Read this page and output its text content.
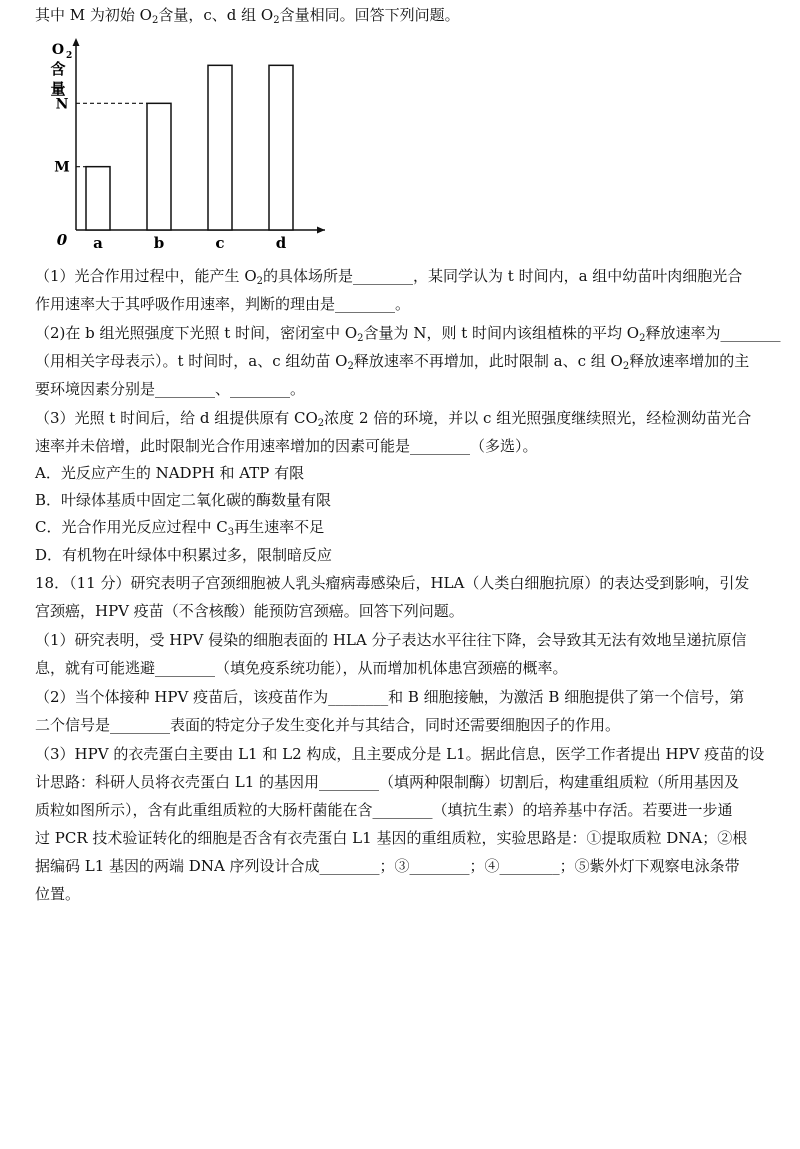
其中 M 为初始 $O_2$含量，c、d 组 $O_2$含量相同。回答下列问题。
O 2
含
量
0 a	b	c	d
M
N
（1）光合作用过程中，能产生 $O_2$的具体场所是________，某同学认为 t 时间内，a 组中幼苗叶肉细胞光合
作用速率大于其呼吸作用速率，判断的理由是________。
（2)在 b 组光照强度下光照 t 时间，密闭室中 $O_2$含量为 N，则 t 时间内该组植株的平均 $O_2$释放速率为________
（用相关字母表示）。t 时间时，a、c 组幼苗 $O_2$释放速率不再增加，此时限制 a、c 组 $O_2$释放速率增加的主
要环境因素分别是________、________。
（3）光照 t 时间后，给 d 组提供原有 $CO_2$浓度 2 倍的环境，并以 c 组光照强度继续照光，经检测幼苗光合
速率并未倍增，此时限制光合作用速率增加的因素可能是________（多选）。
A．光反应产生的 NADPH 和 ATP 有限
B．叶绿体基质中固定二氧化碳的酶数量有限
C．光合作用光反应过程中 $C_3$再生速率不足
D．有机物在叶绿体中积累过多，限制暗反应
18．（11 分）研究表明子宫颈细胞被人乳头瘤病毒感染后，HLA（人类白细胞抗原）的表达受到影响，引发
宫颈癌，HPV 疫苗（不含核酸）能预防宫颈癌。回答下列问题。
（1）研究表明，受 HPV 侵染的细胞表面的 HLA 分子表达水平往往下降，会导致其无法有效地呈递抗原信
息，就有可能逃避________（填免疫系统功能），从而增加机体患宫颈癌的概率。
（2）当个体接种 HPV 疫苗后，该疫苗作为________和 B 细胞接触，为激活 B 细胞提供了第一个信号，第
二个信号是________表面的特定分子发生变化并与其结合，同时还需要细胞因子的作用。
（3）HPV 的衣壳蛋白主要由 L1 和 L2 构成，且主要成分是 L1。据此信息，医学工作者提出 HPV 疫苗的设
计思路：科研人员将衣壳蛋白 L1 的基因用________（填两种限制酶）切割后，构建重组质粒（所用基因及
质粒如图所示），含有此重组质粒的大肠杆菌能在含________（填抗生素）的培养基中存活。若要进一步通
过 PCR 技术验证转化的细胞是否含有衣壳蛋白 L1 基因的重组质粒，实验思路是：①提取质粒 DNA；②根
据编码 L1 基因的两端 DNA 序列设计合成________；③________；④________；⑤紫外灯下观察电泳条带
位置。
